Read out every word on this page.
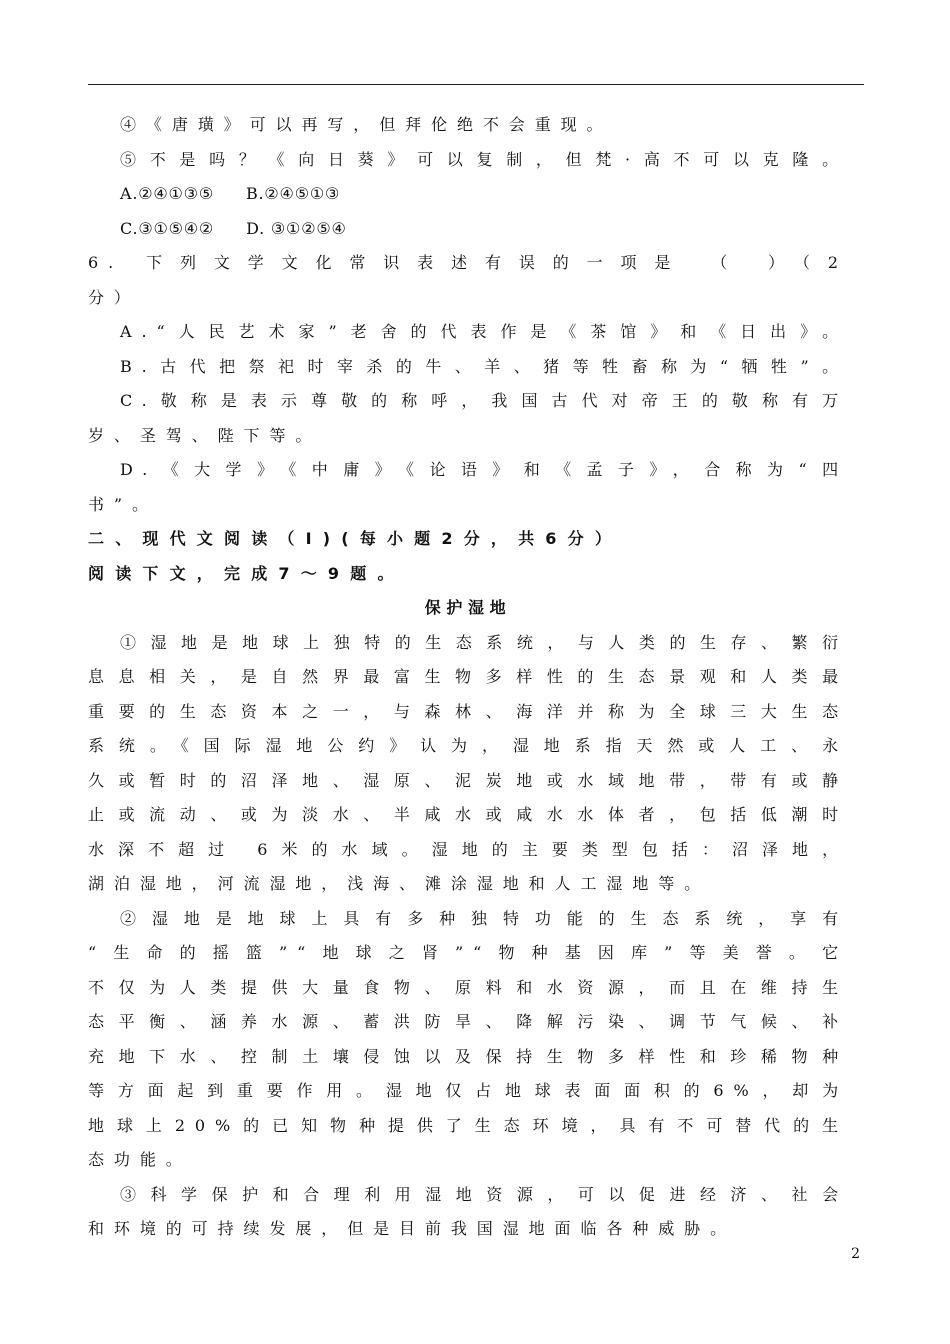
④《唐璜》可以再写，但拜伦绝不会重现。
⑤不是吗？《向日葵》可以复制，但梵·高不可以克隆。
A.②④①③⑤ B.②④⑤①③
C.③①⑤④② D. ③①②⑤④
6. 下列文学文化常识表述有误的一项是 （ ）（2
分）
A.“人民艺术家”老舍的代表作是《茶馆》和《日出》。
B.古代把祭祀时宰杀的牛、羊、猪等牲畜称为“牺牲”。
C.敬称是表示尊敬的称呼，我国古代对帝王的敬称有万
岁、圣驾、陛下等。
D.《大学》《中庸》《论语》和《孟子》，合称为“四
书”。
二、现代文阅读（I)(每小题2分，共6分）
阅读下文，完成7～9题。
保护湿地
①湿地是地球上独特的生态系统，与人类的生存、繁衍
息息相关，是自然界最富生物多样性的生态景观和人类最
重要的生态资本之一，与森林、海洋并称为全球三大生态
系统。《国际湿地公约》认为，湿地系指天然或人工、永
久或暂时的沼泽地、湿原、泥炭地或水域地带，带有或静
止或流动、或为淡水、半咸水或咸水水体者，包括低潮时
水深不超过 6米的水域。湿地的主要类型包括：沼泽地，
湖泊湿地，河流湿地，浅海、滩涂湿地和人工湿地等。
②湿地是地球上具有多种独特功能的生态系统，享有
“生命的摇篮”“地球之肾”“物种基因库”等美誉。它
不仅为人类提供大量食物、原料和水资源，而且在维持生
态平衡、涵养水源、蓄洪防旱、降解污染、调节气候、补
充地下水、控制土壤侵蚀以及保持生物多样性和珍稀物种
等方面起到重要作用。湿地仅占地球表面面积的6%，却为
地球上20%的已知物种提供了生态环境，具有不可替代的生
态功能。
③科学保护和合理利用湿地资源，可以促进经济、社会
和环境的可持续发展，但是目前我国湿地面临各种威胁。
2
